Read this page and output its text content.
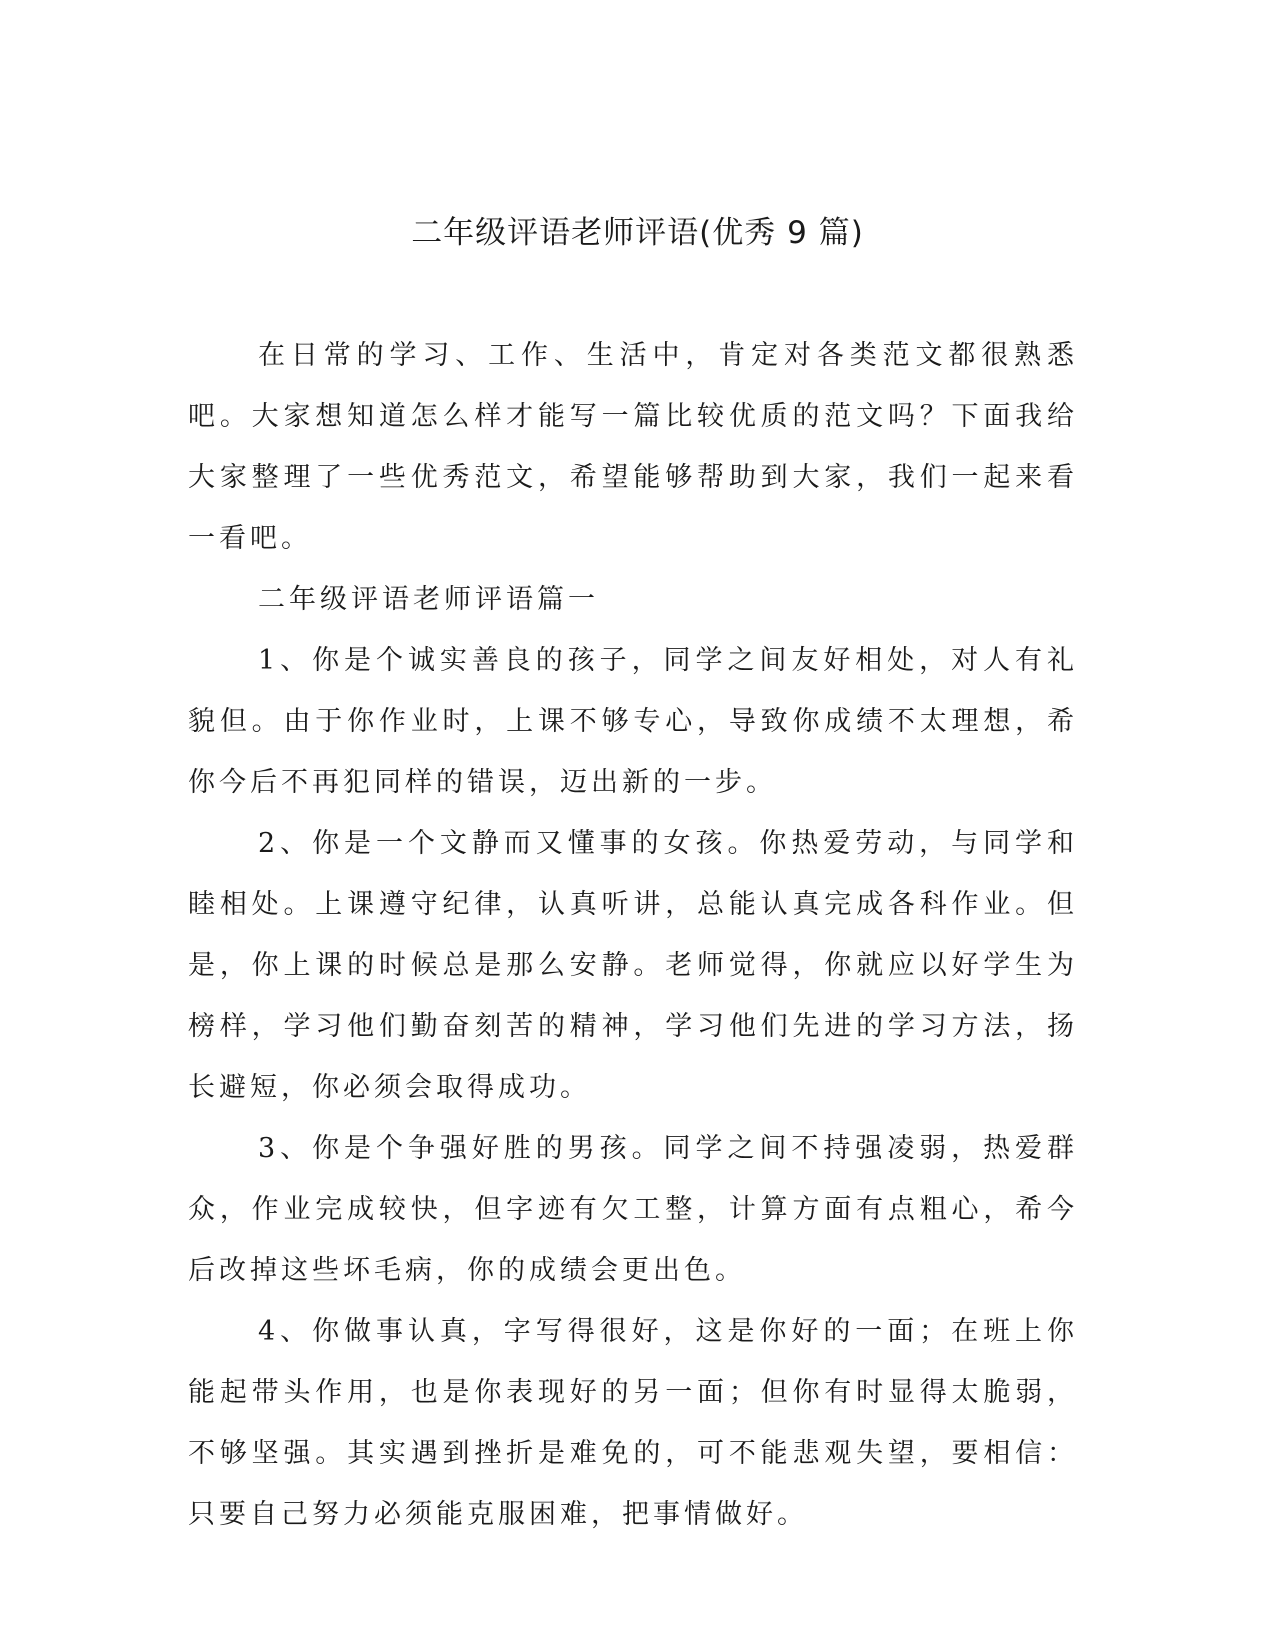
二年级评语老师评语(优秀 9 篇)

在日常的学习、工作、生活中，肯定对各类范文都很熟悉吧。大家想知道怎么样才能写一篇比较优质的范文吗？下面我给大家整理了一些优秀范文，希望能够帮助到大家，我们一起来看一看吧。

二年级评语老师评语篇一

1、你是个诚实善良的孩子，同学之间友好相处，对人有礼貌但。由于你作业时，上课不够专心，导致你成绩不太理想，希你今后不再犯同样的错误，迈出新的一步。

2、你是一个文静而又懂事的女孩。你热爱劳动，与同学和睦相处。上课遵守纪律，认真听讲，总能认真完成各科作业。但是，你上课的时候总是那么安静。老师觉得，你就应以好学生为榜样，学习他们勤奋刻苦的精神，学习他们先进的学习方法，扬长避短，你必须会取得成功。

3、你是个争强好胜的男孩。同学之间不持强凌弱，热爱群众，作业完成较快，但字迹有欠工整，计算方面有点粗心，希今后改掉这些坏毛病，你的成绩会更出色。

4、你做事认真，字写得很好，这是你好的一面；在班上你能起带头作用，也是你表现好的另一面；但你有时显得太脆弱，不够坚强。其实遇到挫折是难免的，可不能悲观失望，要相信：只要自己努力必须能克服困难，把事情做好。
